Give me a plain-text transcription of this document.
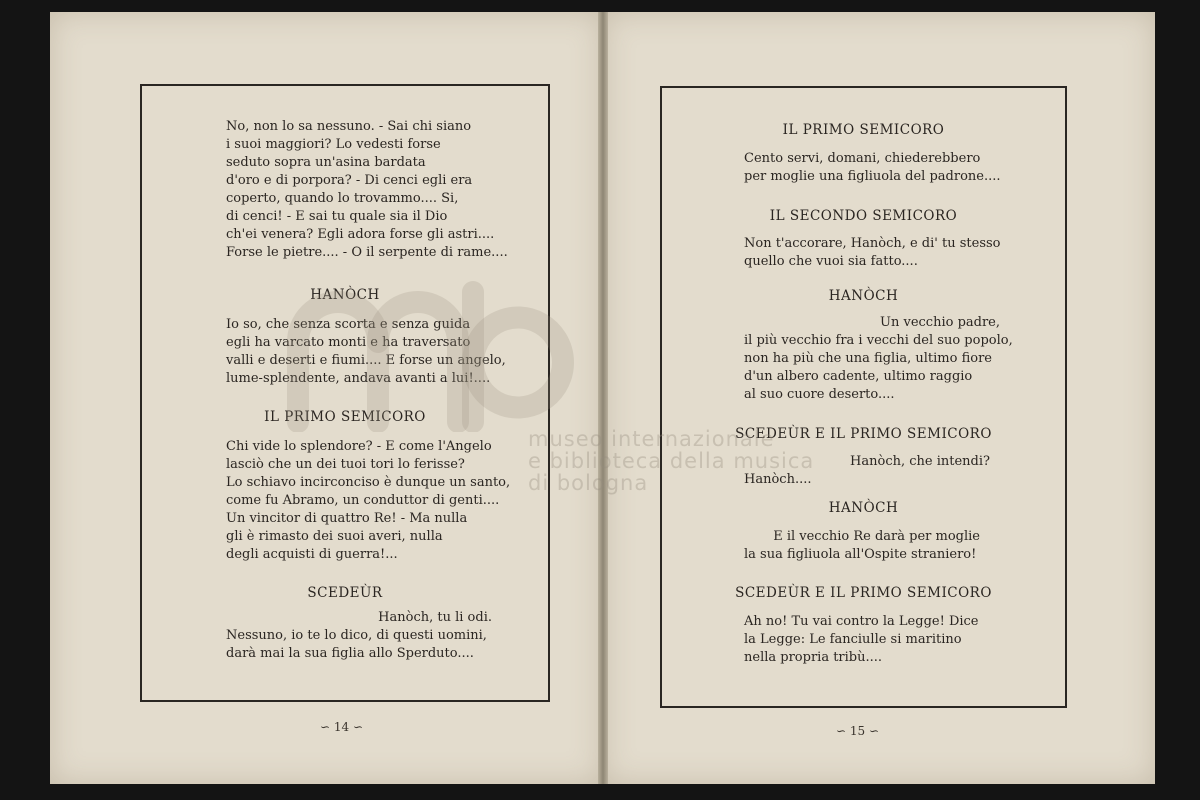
No, non lo sa nessuno. - Sai chi siano
i suoi maggiori? Lo vedesti forse
seduto sopra un'asina bardata
d'oro e di porpora? - Di cenci egli era
coperto, quando lo trovammo.... Si,
di cenci! - E sai tu quale sia il Dio
ch'ei venera? Egli adora forse gli astri....
Forse le pietre.... - O il serpente di rame....
HANÒCH
Io so, che senza scorta e senza guida
egli ha varcato monti e ha traversato
valli e deserti e fiumi.... E forse un angelo,
lume-splendente, andava avanti a lui!....
IL PRIMO SEMICORO
Chi vide lo splendore? - E come l'Angelo
lasciò che un dei tuoi tori lo ferisse?
Lo schiavo incirconciso è dunque un santo,
come fu Abramo, un conduttor di genti....
Un vincitor di quattro Re! - Ma nulla
gli è rimasto dei suoi averi, nulla
degli acquisti di guerra!...
SCEDEÙR
Hanòch, tu li odi.
Nessuno, io te lo dico, di questi uomini,
darà mai la sua figlia allo Sperduto....
∽ 14 ∽
IL PRIMO SEMICORO
Cento servi, domani, chiederebbero
per moglie una figliuola del padrone....
IL SECONDO SEMICORO
Non t'accorare, Hanòch, e di' tu stesso
quello che vuoi sia fatto....
HANÒCH
Un vecchio padre,
il più vecchio fra i vecchi del suo popolo,
non ha più che una figlia, ultimo fiore
d'un albero cadente, ultimo raggio
al suo cuore deserto....
SCEDEÙR E IL PRIMO SEMICORO
Hanòch, che intendi?
Hanòch....
HANÒCH
E il vecchio Re darà per moglie
la sua figliuola all'Ospite straniero!
SCEDEÙR E IL PRIMO SEMICORO
Ah no! Tu vai contro la Legge! Dice
la Legge: Le fanciulle si maritino
nella propria tribù....
∽ 15 ∽
museo internazionale
e biblioteca della musica
di bologna
